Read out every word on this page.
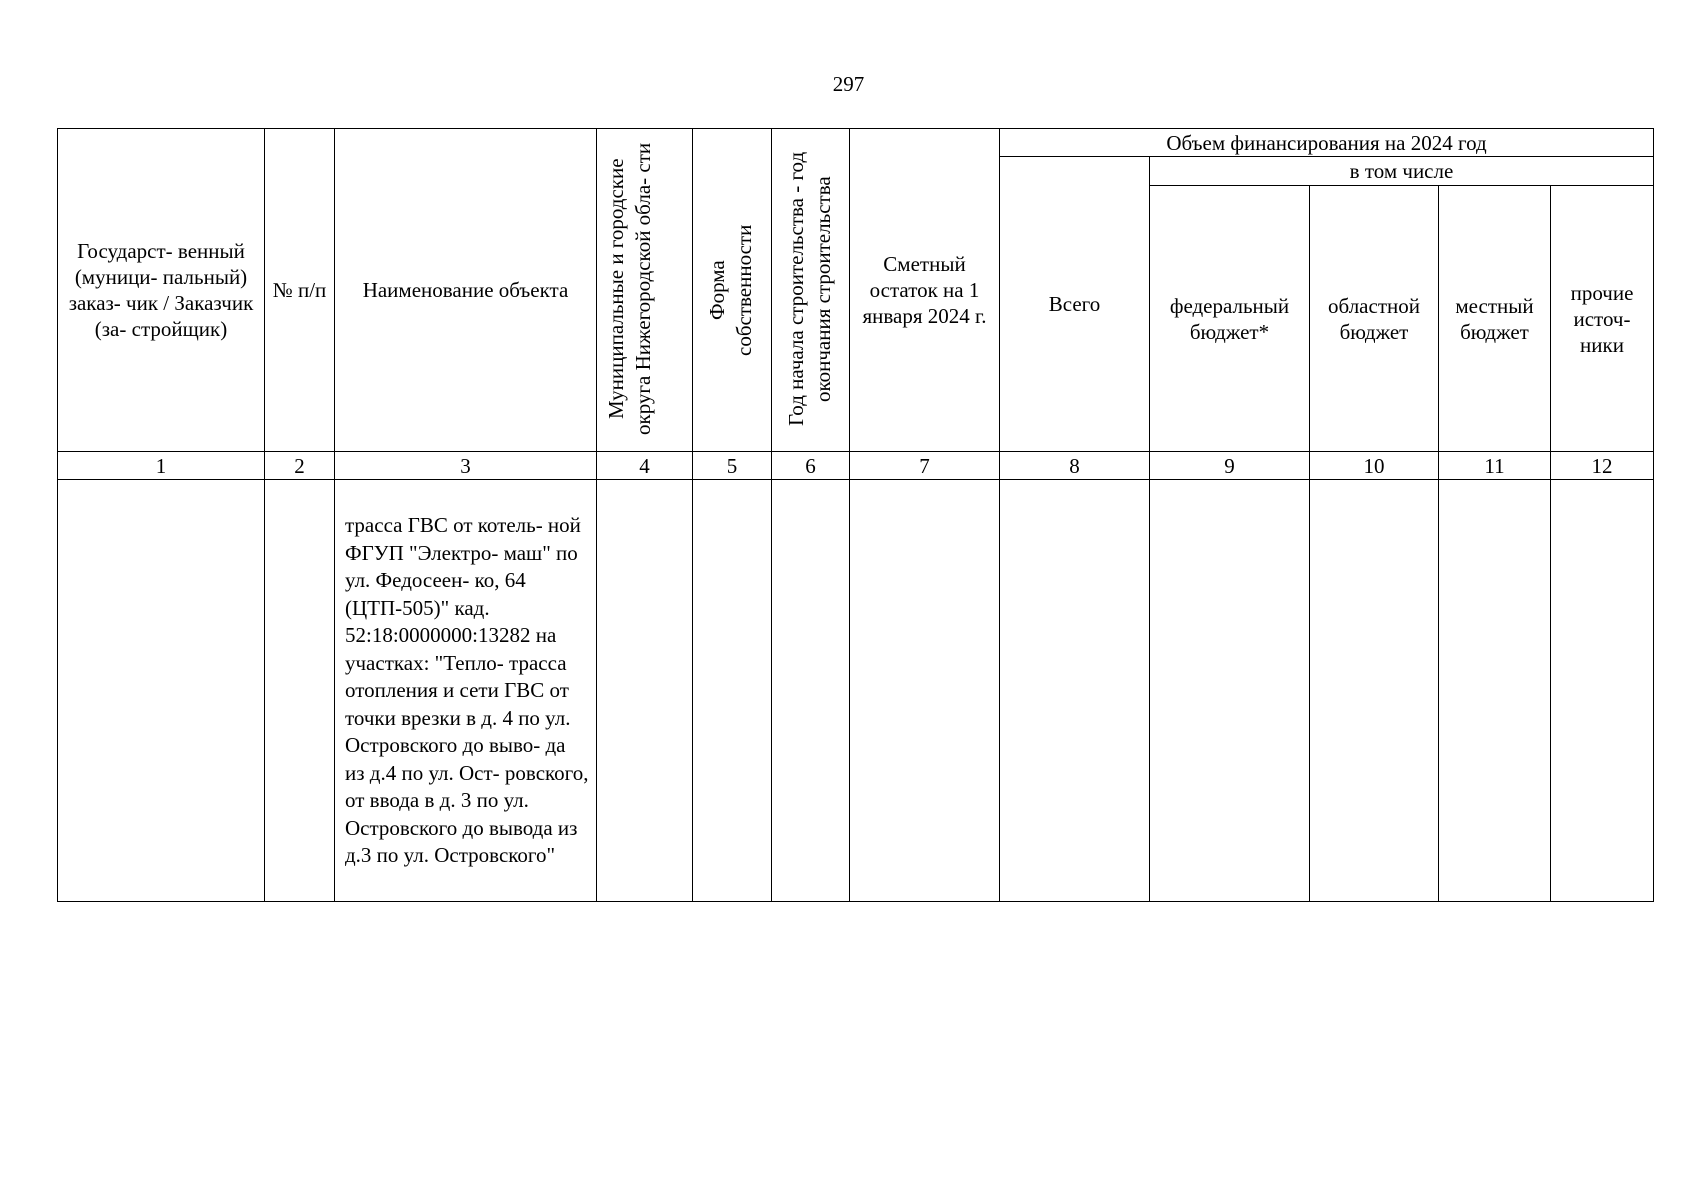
297
Государст- венный (муници- пальный) заказ- чик / Заказчик (за- стройщик)	№ п/п	Наименование объекта	Муниципальные и городские округа Нижегородской обла- сти	Форма собственности	Год начала строительства - год окончания строительства	Сметный остаток на 1 января 2024 г.	Объем финансирования на 2024 год				
							Всего	в том числе			

								федеральный бюджет*	областной бюджет	местный бюджет	прочие источ- ники

1	2	3	4	5	6	7	8	9	10	11	12
		трасса ГВС от котель- ной ФГУП "Электро- маш" по ул. Федосеен- ко, 64 (ЦТП-505)" кад. 52:18:0000000:13282 на участках: "Тепло- трасса отопления и сети ГВС от точки врезки в д. 4 по ул. Островского до выво- да из д.4 по ул. Ост- ровского, от ввода в д. 3 по ул. Островского до вывода из д.3 по ул. Островского"									
